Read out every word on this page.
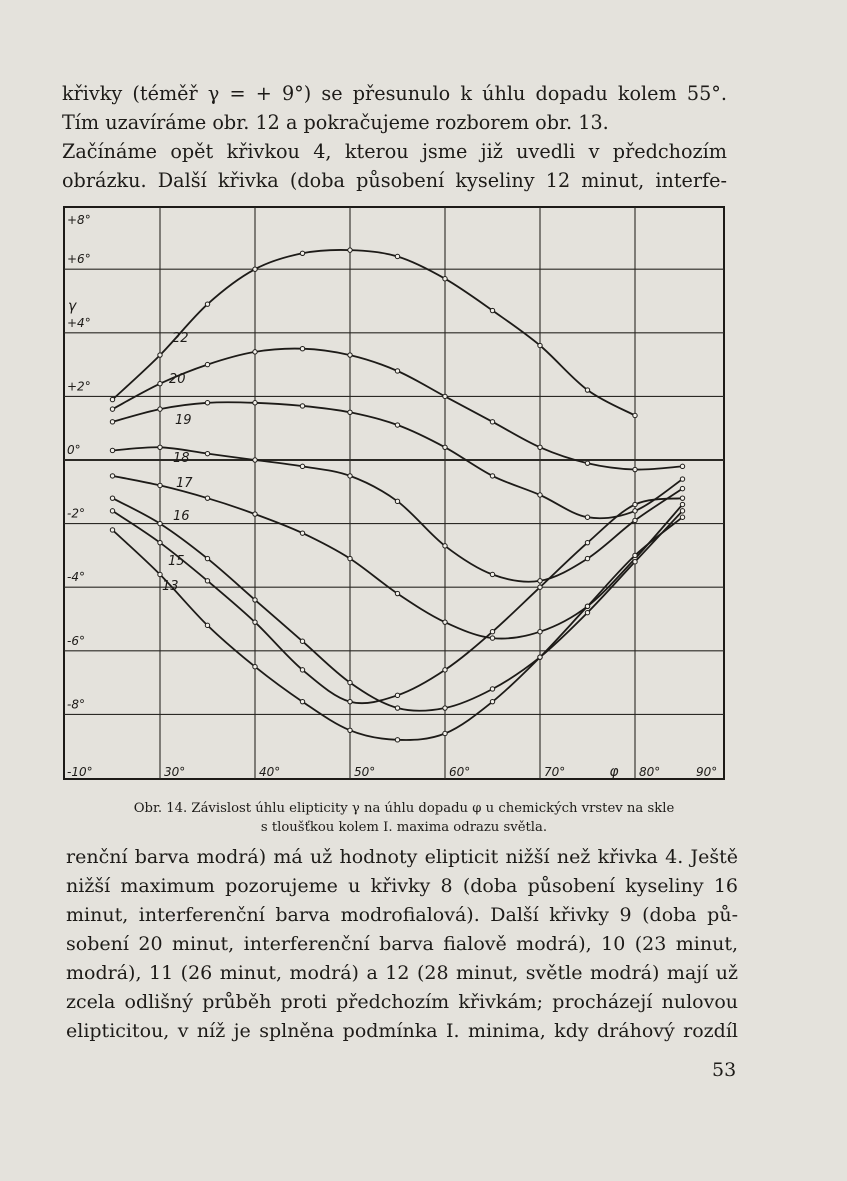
křivky (téměř γ = + 9°) se přesunulo k úhlu dopadu kolem 55°.
Tím uzavíráme obr. 12 a pokračujeme rozborem obr. 13.
Začínáme opět křivkou 4, kterou jsme již uvedli v předchozím
obrázku. Další křivka (doba působení kyseliny 12 minut, interfe-
+8°
+6°
+4°
+2°
0°
-2°
-4°
-6°
-8°
-10°
γ
30°	40°	50°	60°	70°	80°	90°
φ
22
20
19
18
17
16
15
13
Obr. 14. Závislost úhlu elipticity γ na úhlu dopadu φ u chemických vrstev na skle
s tloušťkou kolem I. maxima odrazu světla.
renční barva modrá) má už hodnoty elipticit nižší než křivka 4. Ještě
nižší maximum pozorujeme u křivky 8 (doba působení kyseliny 16
minut, interferenční barva modrofialová). Další křivky 9 (doba pů-
sobení 20 minut, interferenční barva fialově modrá), 10 (23 minut,
modrá), 11 (26 minut, modrá) a 12 (28 minut, světle modrá) mají už
zcela odlišný průběh proti předchozím křivkám; procházejí nulovou
elipticitou, v níž je splněna podmínka I. minima, kdy dráhový rozdíl

53
